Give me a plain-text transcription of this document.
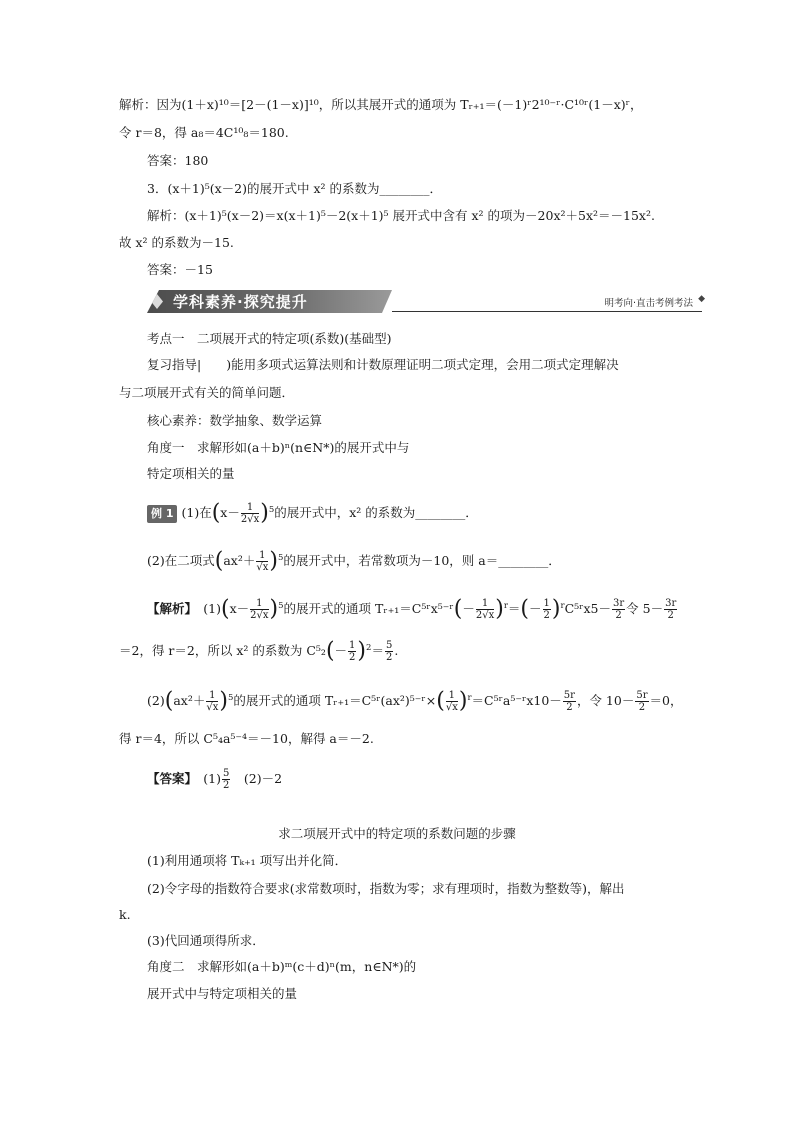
解析：因为(1＋x)¹⁰＝[2－(1－x)]¹⁰，所以其展开式的通项为 Tᵣ₊₁＝(－1)ʳ2¹⁰⁻ʳ·C¹⁰ʳ(1－x)ʳ，
令 r＝8，得 a₈＝4C¹⁰₈＝180.
答案：180
3．(x＋1)⁵(x－2)的展开式中 x² 的系数为________．
解析：(x＋1)⁵(x－2)＝x(x＋1)⁵－2(x＋1)⁵ 展开式中含有 x² 的项为－20x²＋5x²＝－15x².
故 x² 的系数为－15.
答案：－15
学科素养·探究提升	明考向·直击考例考法 ◆
考点一　二项展开式的特定项(系数)(基础型)
复习指导|　　)能用多项式运算法则和计数原理证明二项式定理，会用二项式定理解决
与二项展开式有关的简单问题．
核心素养：数学抽象、数学运算
角度一　求解形如(a＋b)ⁿ(n∈N*)的展开式中与
特定项相关的量
例 1 (1)在$(x- \frac{1}{2√x} )^5$的展开式中，x² 的系数为________．
(2)在二项式$(ax^2+ \frac{1}{√x} )^5$的展开式中，若常数项为－10，则 a＝________．
【解析】　 $(1)(x- \frac{1}{2√x} )^5$的展开式的通项 Tᵣ₊₁＝C⁵ʳx⁵⁻ʳ(－ $\frac{1}{2√x} )^r=(- \frac{1}{2}$ )$^rC^5ʳx5- \frac{3r}{2}$ 令 $5- \frac{3r}{2}$
＝2，得 r＝2，所以 x² 的系数为 $C^5_2(- \frac{1}{2} )^2= \frac{5}{2}$ .
$(2)(ax^2+ \frac{1}{√x} )^5$的展开式的通项 Tᵣ₊₁＝C⁵ʳ(ax²)⁵⁻ʳ×( $\frac{1}{√x}$ )$^r$＝C⁵ʳa⁵⁻ʳx10－ $\frac{5r}{2}$ ，令 $10- \frac{5r}{2} =0$，
得 r＝4，所以 C⁵₄a⁵⁻⁴＝－10，解得 a＝－2.
【答案】　 $(1) \frac{5}{2}$
　 (2)－2
求二项展开式中的特定项的系数问题的步骤
(1)利用通项将 Tₖ₊₁ 项写出并化简．
(2)令字母的指数符合要求(求常数项时，指数为零；求有理项时，指数为整数等)，解出
k.
(3)代回通项得所求．
角度二　求解形如(a＋b)ᵐ(c＋d)ⁿ(m，n∈N*)的
展开式中与特定项相关的量
